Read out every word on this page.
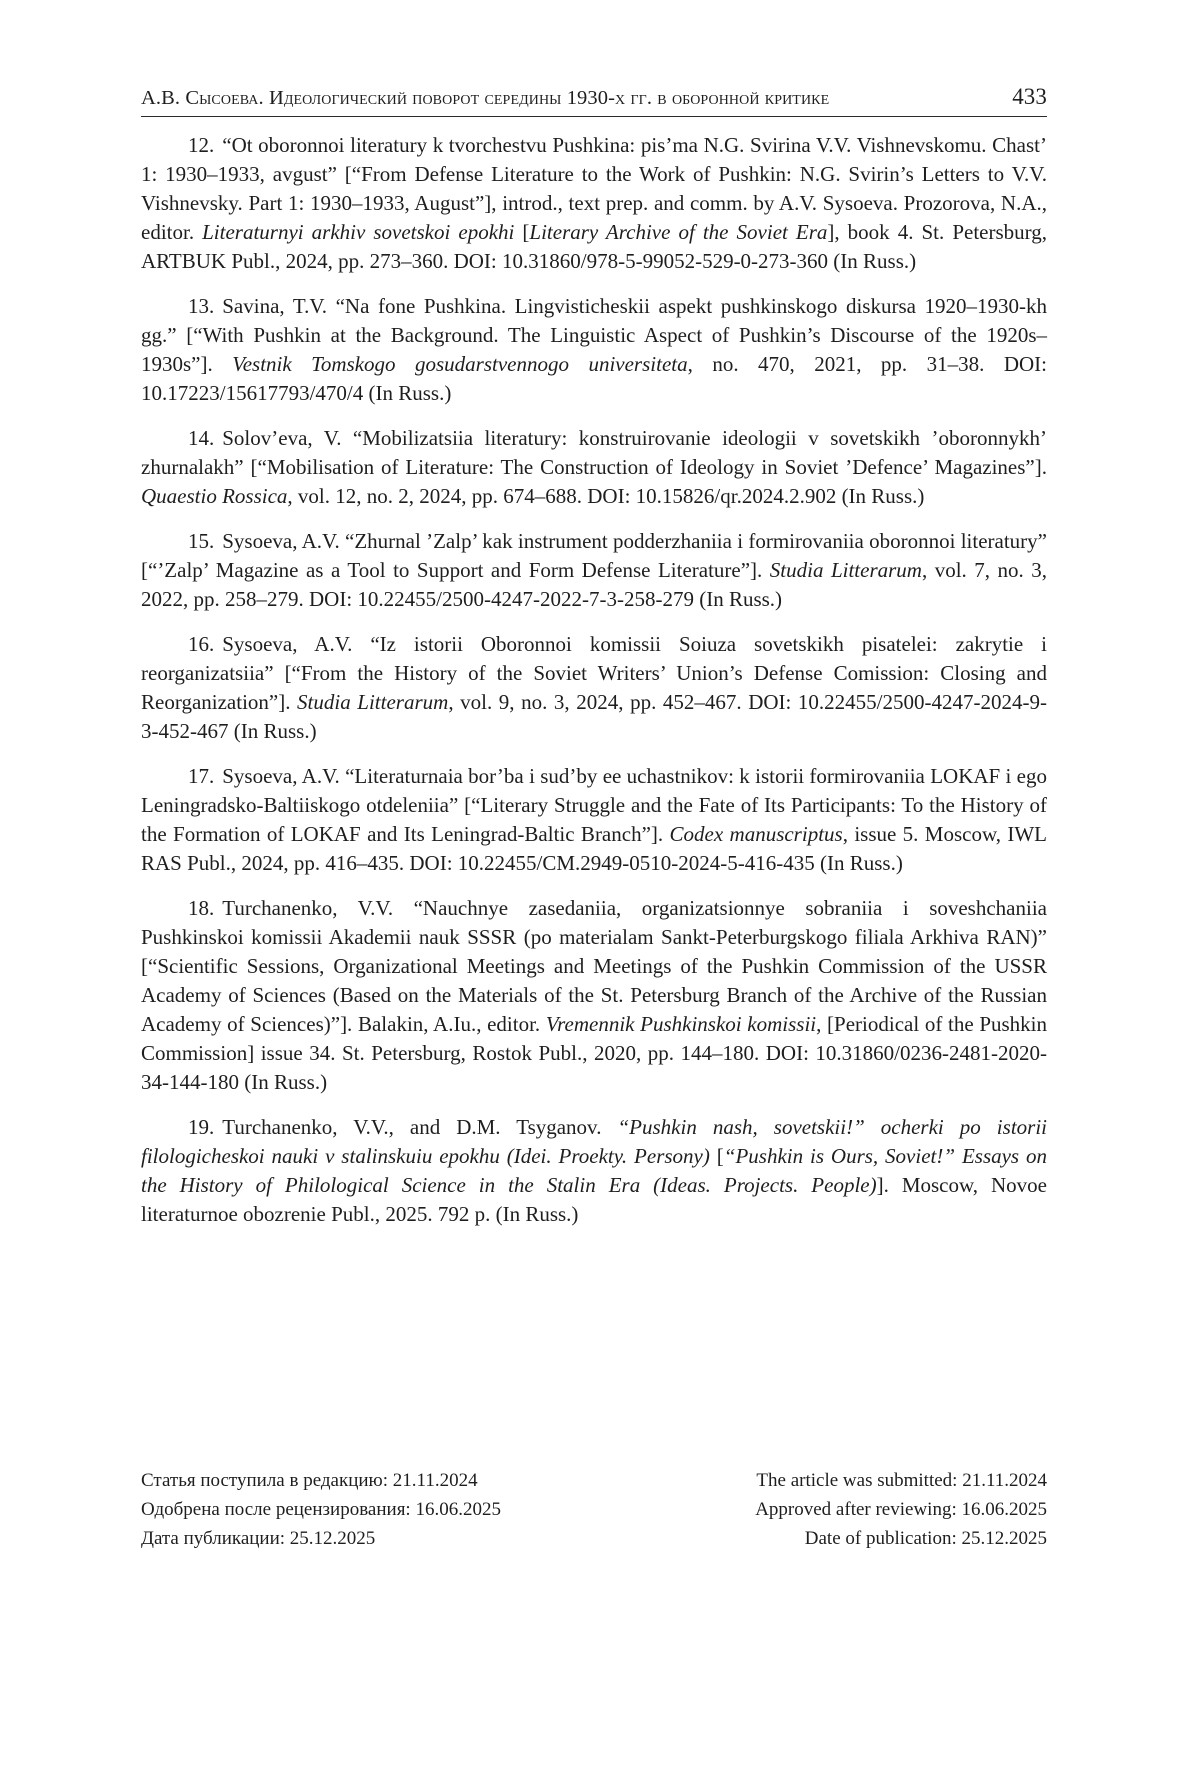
А.В. Сысоева. Идеологический поворот середины 1930-х гг. в оборонной критике	433

12. “Ot oboronnoi literatury k tvorchestvu Pushkina: pis’ma N.G. Svirina V.V. Vishnevskomu. Chast’ 1: 1930–1933, avgust” [“From Defense Literature to the Work of Pushkin: N.G. Svirin’s Letters to V.V. Vishnevsky. Part 1: 1930–1933, August”], introd., text prep. and comm. by A.V. Sysoeva. Prozorova, N.A., editor. Literaturnyi arkhiv sovetskoi epokhi [Literary Archive of the Soviet Era], book 4. St. Petersburg, ARTBUK Publ., 2024, pp. 273–360. DOI: 10.31860/978-5-99052-529-0-273-360 (In Russ.)

13. Savina, T.V. “Na fone Pushkina. Lingvisticheskii aspekt pushkinskogo diskursa 1920–1930-kh gg.” [“With Pushkin at the Background. The Linguistic Aspect of Pushkin’s Discourse of the 1920s–1930s”]. Vestnik Tomskogo gosudarstvennogo universiteta, no. 470, 2021, pp. 31–38. DOI: 10.17223/15617793/470/4 (In Russ.)

14. Solov’eva, V. “Mobilizatsiia literatury: konstruirovanie ideologii v sovetskikh ’oboronnykh’ zhurnalakh” [“Mobilisation of Literature: The Construction of Ideology in Soviet ’Defence’ Magazines”]. Quaestio Rossica, vol. 12, no. 2, 2024, pp. 674–688. DOI: 10.15826/qr.2024.2.902 (In Russ.)

15. Sysoeva, A.V. “Zhurnal ’Zalp’ kak instrument podderzhaniia i formirovaniia oboronnoi literatury” [“’Zalp’ Magazine as a Tool to Support and Form Defense Literature”]. Studia Litterarum, vol. 7, no. 3, 2022, pp. 258–279. DOI: 10.22455/2500-4247-2022-7-3-258-279 (In Russ.)

16. Sysoeva, A.V. “Iz istorii Oboronnoi komissii Soiuza sovetskikh pisatelei: zakrytie i reorganizatsiia” [“From the History of the Soviet Writers’ Union’s Defense Comission: Closing and Reorganization”]. Studia Litterarum, vol. 9, no. 3, 2024, pp. 452–467. DOI: 10.22455/2500-4247-2024-9-3-452-467 (In Russ.)

17. Sysoeva, A.V. “Literaturnaia bor’ba i sud’by ee uchastnikov: k istorii formirovaniia LOKAF i ego Leningradsko-Baltiiskogo otdeleniia” [“Literary Struggle and the Fate of Its Participants: To the History of the Formation of LOKAF and Its Leningrad-Baltic Branch”]. Codex manuscriptus, issue 5. Moscow, IWL RAS Publ., 2024, pp. 416–435. DOI: 10.22455/CM.2949-0510-2024-5-416-435 (In Russ.)

18. Turchanenko, V.V. “Nauchnye zasedaniia, organizatsionnye sobraniia i soveshchaniia Pushkinskoi komissii Akademii nauk SSSR (po materialam Sankt-Peterburgskogo filiala Arkhiva RAN)” [“Scientific Sessions, Organizational Meetings and Meetings of the Pushkin Commission of the USSR Academy of Sciences (Based on the Materials of the St. Petersburg Branch of the Archive of the Russian Academy of Sciences)”]. Balakin, A.Iu., editor. Vremennik Pushkinskoi komissii, [Periodical of the Pushkin Commission] issue 34. St. Petersburg, Rostok Publ., 2020, pp. 144–180. DOI: 10.31860/0236-2481-2020-34-144-180 (In Russ.)

19. Turchanenko, V.V., and D.M. Tsyganov. “Pushkin nash, sovetskii!” ocherki po istorii filologicheskoi nauki v stalinskuiu epokhu (Idei. Proekty. Persony) [“Pushkin is Ours, Soviet!” Essays on the History of Philological Science in the Stalin Era (Ideas. Projects. People)]. Moscow, Novoe literaturnoe obozrenie Publ., 2025. 792 p. (In Russ.)

Статья поступила в редакцию: 21.11.2024
Одобрена после рецензирования: 16.06.2025
Дата публикации: 25.12.2025
The article was submitted: 21.11.2024
Approved after reviewing: 16.06.2025
Date of publication: 25.12.2025
